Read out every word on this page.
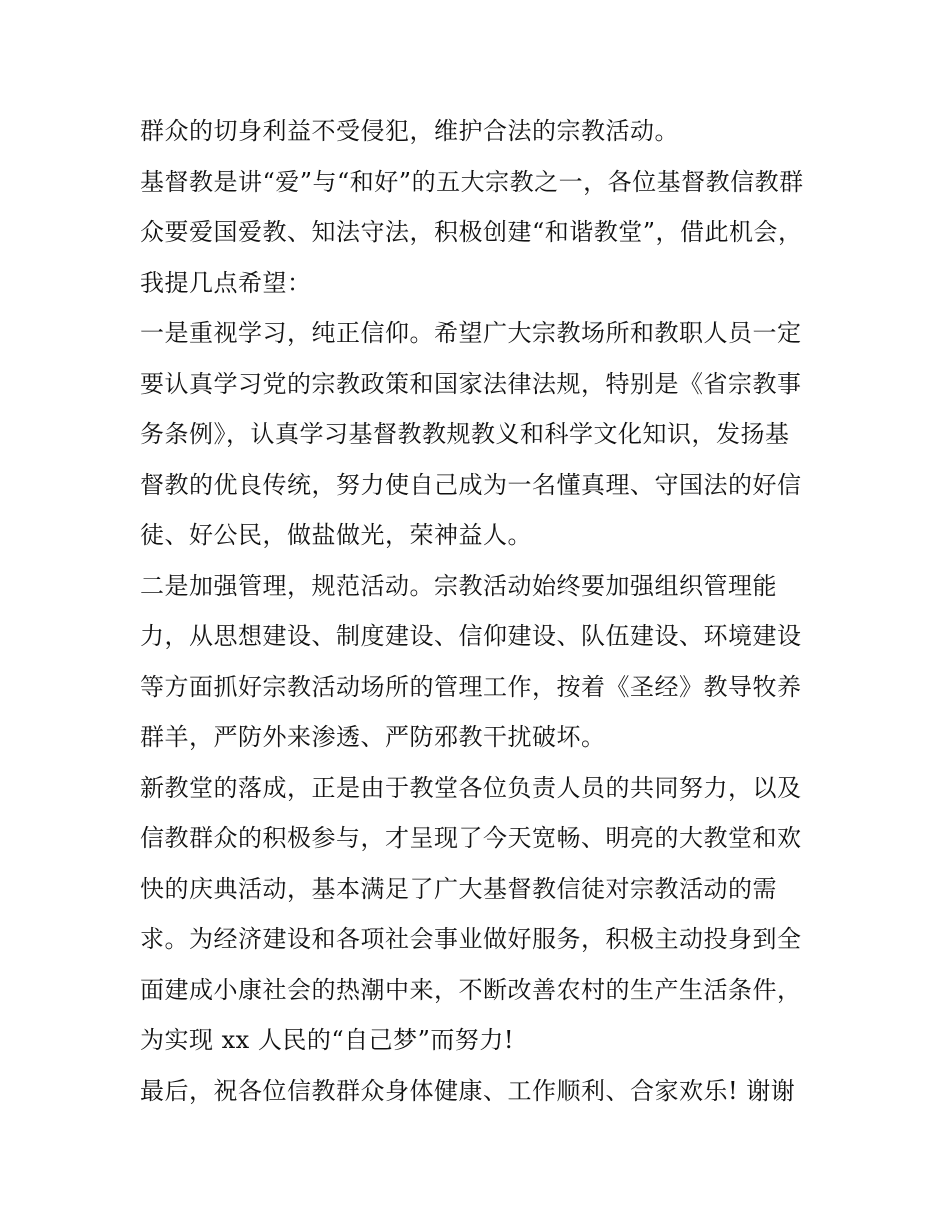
群众的切身利益不受侵犯，维护合法的宗教活动。
基督教是讲“爱”与“和好”的五大宗教之一，各位基督教信教群
众要爱国爱教、知法守法，积极创建“和谐教堂”，借此机会，
我提几点希望：
一是重视学习，纯正信仰。希望广大宗教场所和教职人员一定
要认真学习党的宗教政策和国家法律法规，特别是《省宗教事
务条例》，认真学习基督教教规教义和科学文化知识，发扬基
督教的优良传统，努力使自己成为一名懂真理、守国法的好信
徒、好公民，做盐做光，荣神益人。
二是加强管理，规范活动。宗教活动始终要加强组织管理能
力，从思想建设、制度建设、信仰建设、队伍建设、环境建设
等方面抓好宗教活动场所的管理工作，按着《圣经》教导牧养
群羊，严防外来渗透、严防邪教干扰破坏。
新教堂的落成，正是由于教堂各位负责人员的共同努力，以及
信教群众的积极参与，才呈现了今天宽畅、明亮的大教堂和欢
快的庆典活动，基本满足了广大基督教信徒对宗教活动的需
求。为经济建设和各项社会事业做好服务，积极主动投身到全
面建成小康社会的热潮中来，不断改善农村的生产生活条件，
为实现 xx 人民的“自己梦”而努力!
最后，祝各位信教群众身体健康、工作顺利、合家欢乐! 谢谢
